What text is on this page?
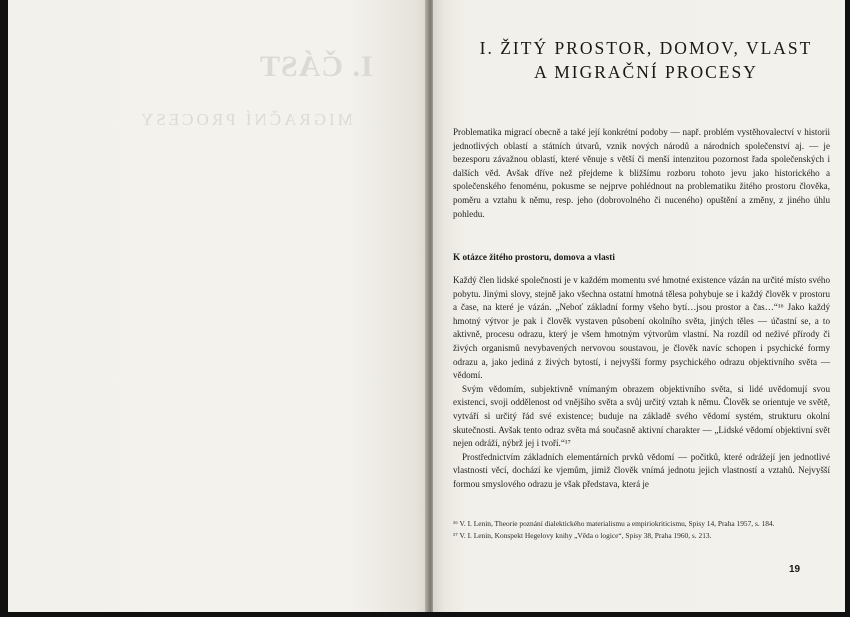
I. ČÁST
MIGRAČNÍ PROCESY
I. ŽITÝ PROSTOR, DOMOV, VLAST
A MIGRAČNÍ PROCESY

Problematika migrací obecně a také její konkrétní podoby — např. problém vystěhovalectví v historii jednotlivých oblastí a státních útvarů, vznik nových národů a národních společenství aj. — je bezesporu závažnou oblastí, které věnuje s větší či menší intenzitou pozornost řada společenských i dalších věd. Avšak dříve než přejdeme k bližšímu rozboru tohoto jevu jako historického a společenského fenoménu, pokusme se nejprve pohlédnout na problematiku žitého prostoru člověka, poměru a vztahu k němu, resp. jeho (dobrovolného či nuceného) opuštění a změny, z jiného úhlu pohledu.

K otázce žitého prostoru, domova a vlasti

Každý člen lidské společnosti je v každém momentu své hmotné existence vázán na určité místo svého pobytu. Jinými slovy, stejně jako všechna ostatní hmotná tělesa pohybuje se i každý člověk v prostoru a čase, na které je vázán. „Neboť základní formy všeho bytí…jsou prostor a čas…“¹⁶ Jako každý hmotný výtvor je pak i člověk vystaven působení okolního světa, jiných těles — účastní se, a to aktivně, procesu odrazu, který je všem hmotným výtvorům vlastní. Na rozdíl od neživé přírody či živých organismů nevybavených nervovou soustavou, je člověk navíc schopen i psychické formy odrazu a, jako jediná z živých bytostí, i nejvyšší formy psychického odrazu objektivního světa — vědomí.

Svým vědomím, subjektivně vnímaným obrazem objektivního světa, si lidé uvědomují svou existenci, svoji oddělenost od vnějšího světa a svůj určitý vztah k němu. Člověk se orientuje ve světě, vytváří si určitý řád své existence; buduje na základě svého vědomí systém, strukturu okolní skutečnosti. Avšak tento odraz světa má současně aktivní charakter — „Lidské vědomí objektivní svět nejen odráží, nýbrž jej i tvoří.“¹⁷

Prostřednictvím základních elementárních prvků vědomí — počitků, které odrážejí jen jednotlivé vlastnosti věcí, dochází ke vjemům, jimiž člověk vnímá jednotu jejich vlastností a vztahů. Nejvyšší formou smyslového odrazu je však představa, která je

¹⁶ V. I. Lenin, Theorie poznání dialektického materialismu a empiriokriticismu, Spisy 14, Praha 1957, s. 184.
¹⁷ V. I. Lenin, Konspekt Hegelovy knihy „Věda o logice“, Spisy 38, Praha 1960, s. 213.
19
